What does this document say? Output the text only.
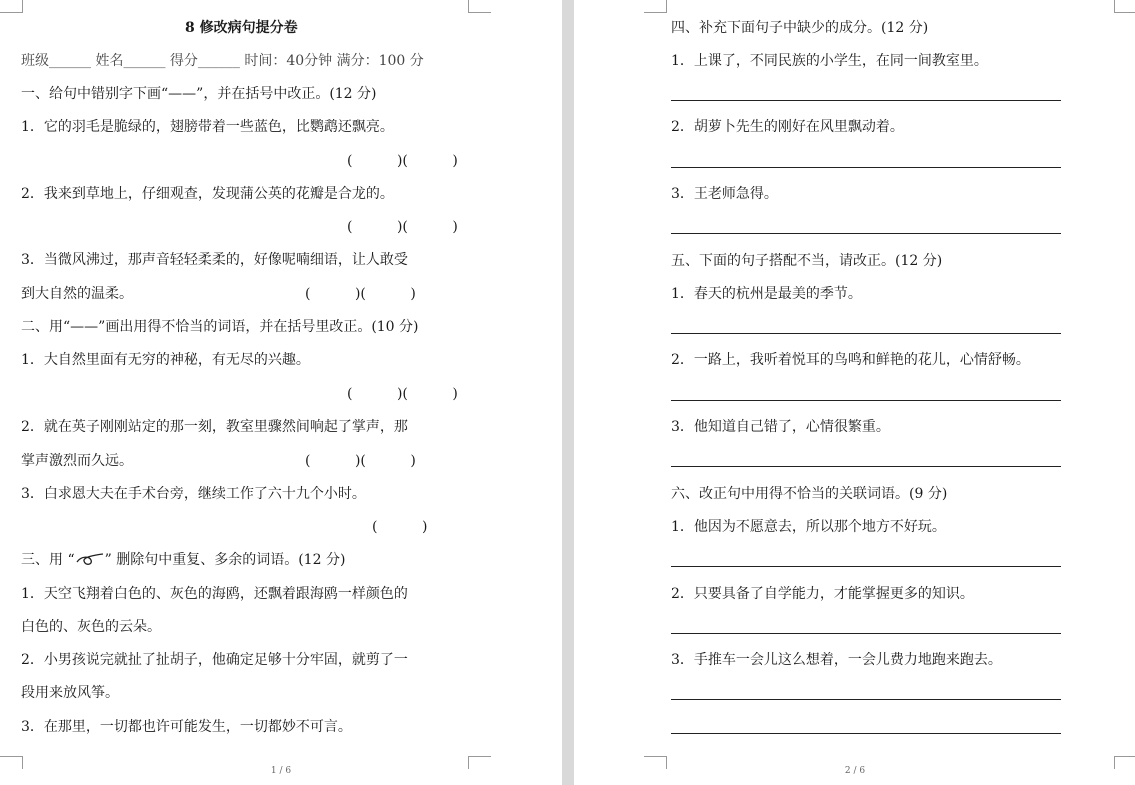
8 修改病句提分卷
班级______ 姓名______ 得分______ 时间：40分钟 满分：100 分
一、给句中错别字下画“——”，并在括号中改正。(12 分)
1．它的羽毛是脆绿的，翅膀带着一些蓝色，比鹦鹉还飘亮。
(          )(          )
2．我来到草地上，仔细观查，发现蒲公英的花瓣是合龙的。
(          )(          )
3．当微风沸过，那声音轻轻柔柔的，好像呢喃细语，让人敢受
到大自然的温柔。	(          )(          )
二、用“——”画出用得不恰当的词语，并在括号里改正。(10 分)
1．大自然里面有无穷的神秘，有无尽的兴趣。
(          )(          )
2．就在英子刚刚站定的那一刻，教室里骤然间响起了掌声，那
掌声激烈而久远。	(          )(          )
3．白求恩大夫在手术台旁，继续工作了六十九个小时。
(          )
三、用 “ ” 删除句中重复、多余的词语。(12 分)
1．天空飞翔着白色的、灰色的海鸥，还飘着跟海鸥一样颜色的
白色的、灰色的云朵。
2．小男孩说完就扯了扯胡子，他确定足够十分牢固，就剪了一
段用来放风筝。
3．在那里，一切都也许可能发生，一切都妙不可言。
1 / 6
四、补充下面句子中缺少的成分。(12 分)
1．上课了，不同民族的小学生，在同一间教室里。
2．胡萝卜先生的刚好在风里飘动着。
3．王老师急得。
五、下面的句子搭配不当，请改正。(12 分)
1．春天的杭州是最美的季节。
2．一路上，我听着悦耳的鸟鸣和鲜艳的花儿，心情舒畅。
3．他知道自己错了，心情很繁重。
六、改正句中用得不恰当的关联词语。(9 分)
1．他因为不愿意去，所以那个地方不好玩。
2．只要具备了自学能力，才能掌握更多的知识。
3．手推车一会儿这么想着，一会儿费力地跑来跑去。
2 / 6
